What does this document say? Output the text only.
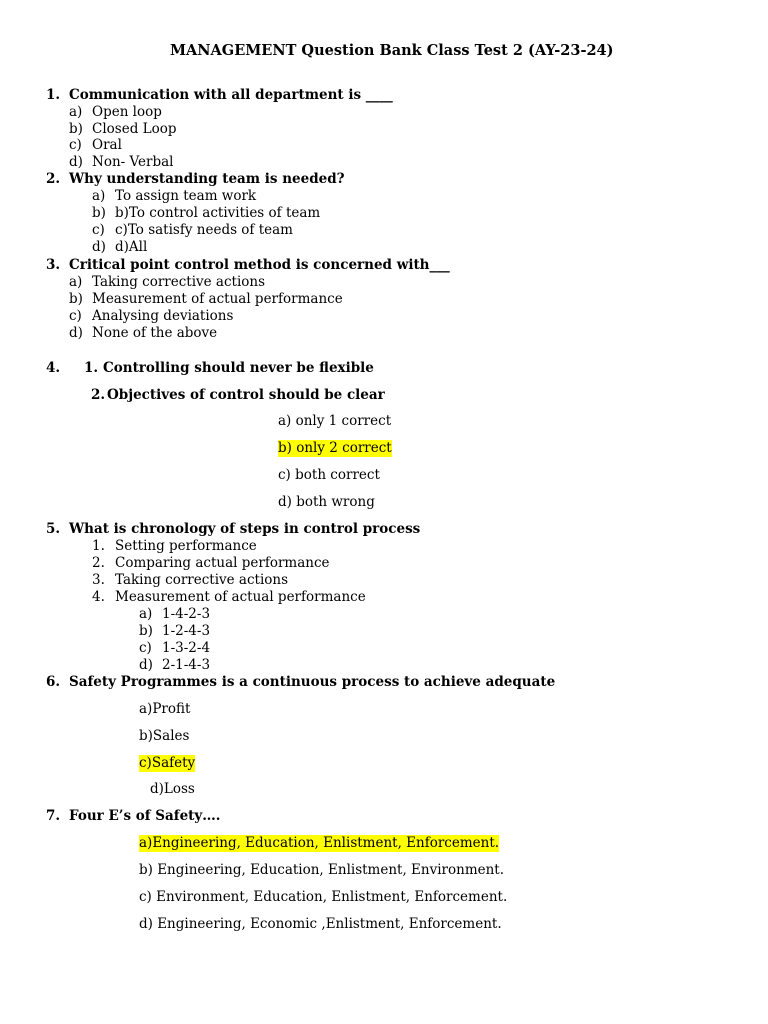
MANAGEMENT Question Bank Class Test 2 (AY-23-24)
1. Communication with all department is ____
a) Open loop
b) Closed Loop
c) Oral
d) Non- Verbal
2. Why understanding team is needed?
a) To assign team work
b) b)To control activities of team
c) c)To satisfy needs of team
d) d)All
3. Critical point control method is concerned with___
a) Taking corrective actions
b) Measurement of actual performance
c) Analysing deviations
d) None of the above
4. 1. Controlling should never be flexible
2. Objectives of control should be clear
a) only 1 correct
b) only 2 correct
c) both correct
d) both wrong
5. What is chronology of steps in control process
1. Setting performance
2. Comparing actual performance
3. Taking corrective actions
4. Measurement of actual performance
a) 1-4-2-3
b) 1-2-4-3
c) 1-3-2-4
d) 2-1-4-3
6. Safety Programmes is a continuous process to achieve adequate
a)Profit
b)Sales
c)Safety
d)Loss
7. Four E’s of Safety….
a)Engineering, Education, Enlistment, Enforcement.
b) Engineering, Education, Enlistment, Environment.
c) Environment, Education, Enlistment, Enforcement.
d) Engineering, Economic ,Enlistment, Enforcement.
